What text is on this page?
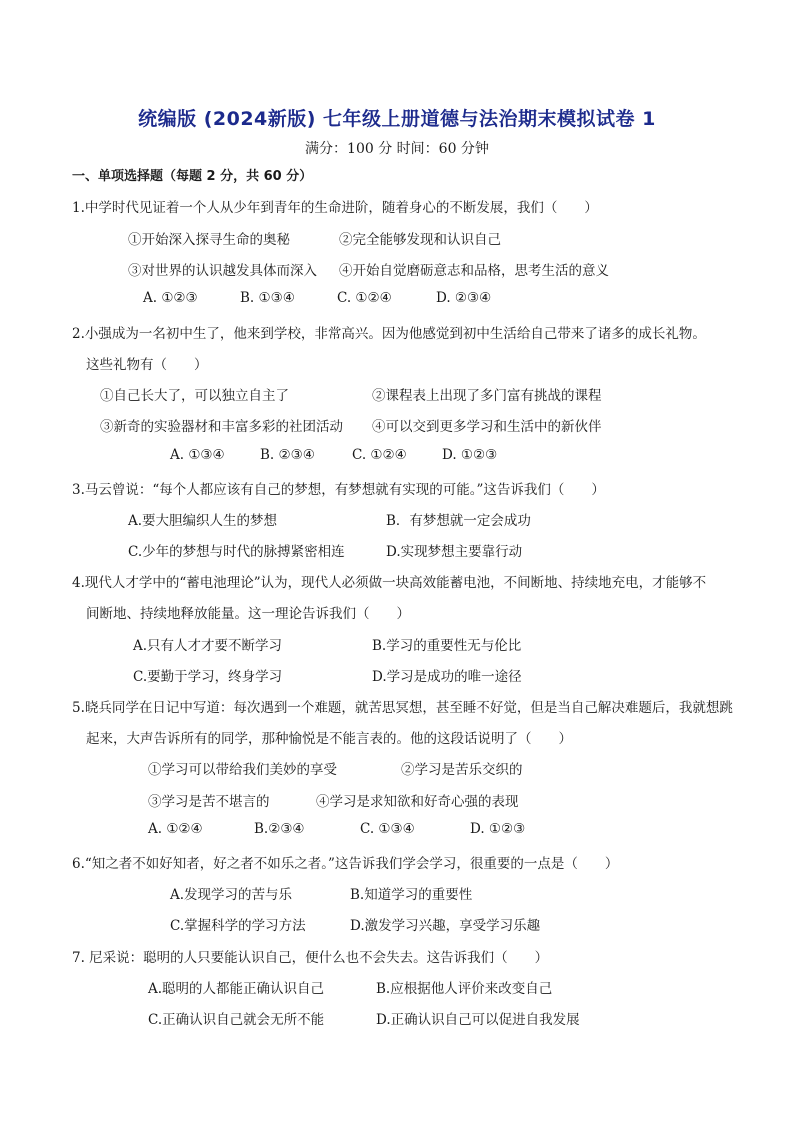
统编版 (2024新版) 七年级上册道德与法治期末模拟试卷 1
满分：100 分 时间：60 分钟
一、单项选择题（每题 2 分，共 60 分）
1.中学时代见证着一个人从少年到青年的生命进阶，随着身心的不断发展，我们（　　）
①开始深入探寻生命的奥秘	②完全能够发现和认识自己
③对世界的认识越发具体而深入 ④开始自觉磨砺意志和品格，思考生活的意义
A. ①②③	B. ①③④	C. ①②④	D. ②③④
2.小强成为一名初中生了，他来到学校，非常高兴。因为他感觉到初中生活给自己带来了诸多的成长礼物。
这些礼物有（　　）
①自己长大了，可以独立自主了	②课程表上出现了多门富有挑战的课程
③新奇的实验器材和丰富多彩的社团活动 ④可以交到更多学习和生活中的新伙伴
A. ①③④	B. ②③④	C. ①②④	D. ①②③
3.马云曾说：“每个人都应该有自己的梦想，有梦想就有实现的可能。”这告诉我们（　　）
A.要大胆编织人生的梦想	B．有梦想就一定会成功
C.少年的梦想与时代的脉搏紧密相连	D.实现梦想主要靠行动
4.现代人才学中的“蓄电池理论”认为，现代人必须做一块高效能蓄电池，不间断地、持续地充电，才能够不
间断地、持续地释放能量。这一理论告诉我们（　　）
A.只有人才才要不断学习	B.学习的重要性无与伦比
C.要勤于学习，终身学习	D.学习是成功的唯一途径
5.晓兵同学在日记中写道：每次遇到一个难题，就苦思冥想，甚至睡不好觉，但是当自己解决难题后，我就想跳
起来，大声告诉所有的同学，那种愉悦是不能言表的。他的这段话说明了（　　）
①学习可以带给我们美妙的享受	②学习是苦乐交织的
③学习是苦不堪言的	④学习是求知欲和好奇心强的表现
A. ①②④	B.②③④	C. ①③④	D. ①②③
6.“知之者不如好知者，好之者不如乐之者。”这告诉我们学会学习，很重要的一点是（　　）
A.发现学习的苦与乐	B.知道学习的重要性
C.掌握科学的学习方法	D.激发学习兴趣，享受学习乐趣
7. 尼采说：聪明的人只要能认识自己，便什么也不会失去。这告诉我们（　　）
A.聪明的人都能正确认识自己	B.应根据他人评价来改变自己
C.正确认识自己就会无所不能	D.正确认识自己可以促进自我发展
